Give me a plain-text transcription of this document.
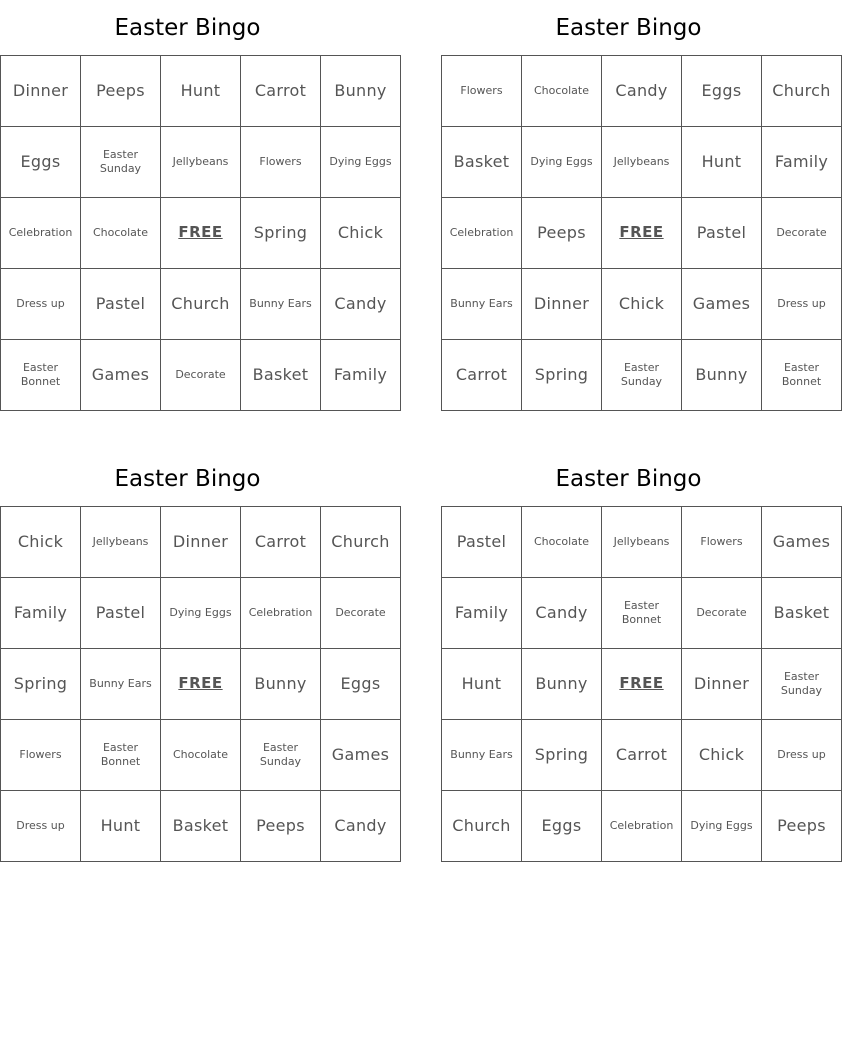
Easter Bingo
Dinner	Peeps	Hunt	Carrot	Bunny
Eggs	Easter Sunday	Jellybeans	Flowers	Dying Eggs
Celebration	Chocolate	FREE	Spring	Chick
Dress up	Pastel	Church	Bunny Ears	Candy
Easter Bonnet	Games	Decorate	Basket	Family
Easter Bingo
Flowers	Chocolate	Candy	Eggs	Church
Basket	Dying Eggs	Jellybeans	Hunt	Family
Celebration	Peeps	FREE	Pastel	Decorate
Bunny Ears	Dinner	Chick	Games	Dress up
Carrot	Spring	Easter Sunday	Bunny	Easter Bonnet
Easter Bingo
Chick	Jellybeans	Dinner	Carrot	Church
Family	Pastel	Dying Eggs	Celebration	Decorate
Spring	Bunny Ears	FREE	Bunny	Eggs
Flowers	Easter Bonnet	Chocolate	Easter Sunday	Games
Dress up	Hunt	Basket	Peeps	Candy
Easter Bingo
Pastel	Chocolate	Jellybeans	Flowers	Games
Family	Candy	Easter Bonnet	Decorate	Basket
Hunt	Bunny	FREE	Dinner	Easter Sunday
Bunny Ears	Spring	Carrot	Chick	Dress up
Church	Eggs	Celebration	Dying Eggs	Peeps
